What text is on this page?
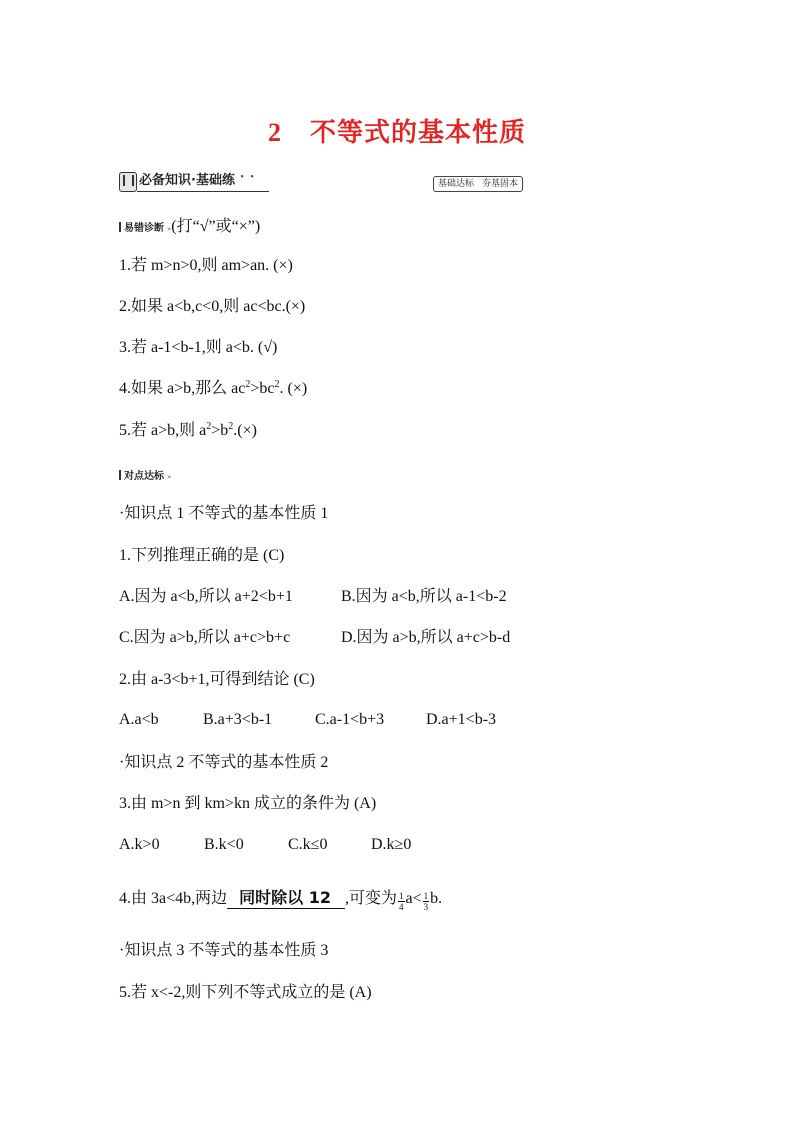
2 不等式的基本性质
必备知识·基础练
•- • •
基础达标 夯基固本
易错诊断 »(打“√”或“×”)
1.若 m>n>0,则 am>an. (×)
2.如果 a<b,c<0,则 ac<bc.(×)
3.若 a-1<b-1,则 a<b. (√)
4.如果 a>b,那么 $ac^2>bc^2$. (×)
5.若 a>b,则 $a^2>b^2.(\times)$
对点达标 »
·知识点 1 不等式的基本性质 1
1.下列推理正确的是 (C)
A.因为 a<b,所以 a+2<b+1	B.因为 a<b,所以 a-1<b-2
C.因为 a>b,所以 a+c>b+c	D.因为 a>b,所以 a+c>b-d
2.由 a-3<b+1,可得到结论 (C)
A.a<b	B.a+3<b-1	C.a-1<b+3	D.a+1<b-3
·知识点 2 不等式的基本性质 2
3.由 m>n 到 km>kn 成立的条件为 (A)
A.k>0	B.k<0	C.k≤0	D.k≥0
4.由 3a<4b,两边 同时除以 12 ,可变为 $\frac{1}{4} a< \frac{1}{3} b$.
·知识点 3 不等式的基本性质 3
5.若 x<-2,则下列不等式成立的是 (A)
